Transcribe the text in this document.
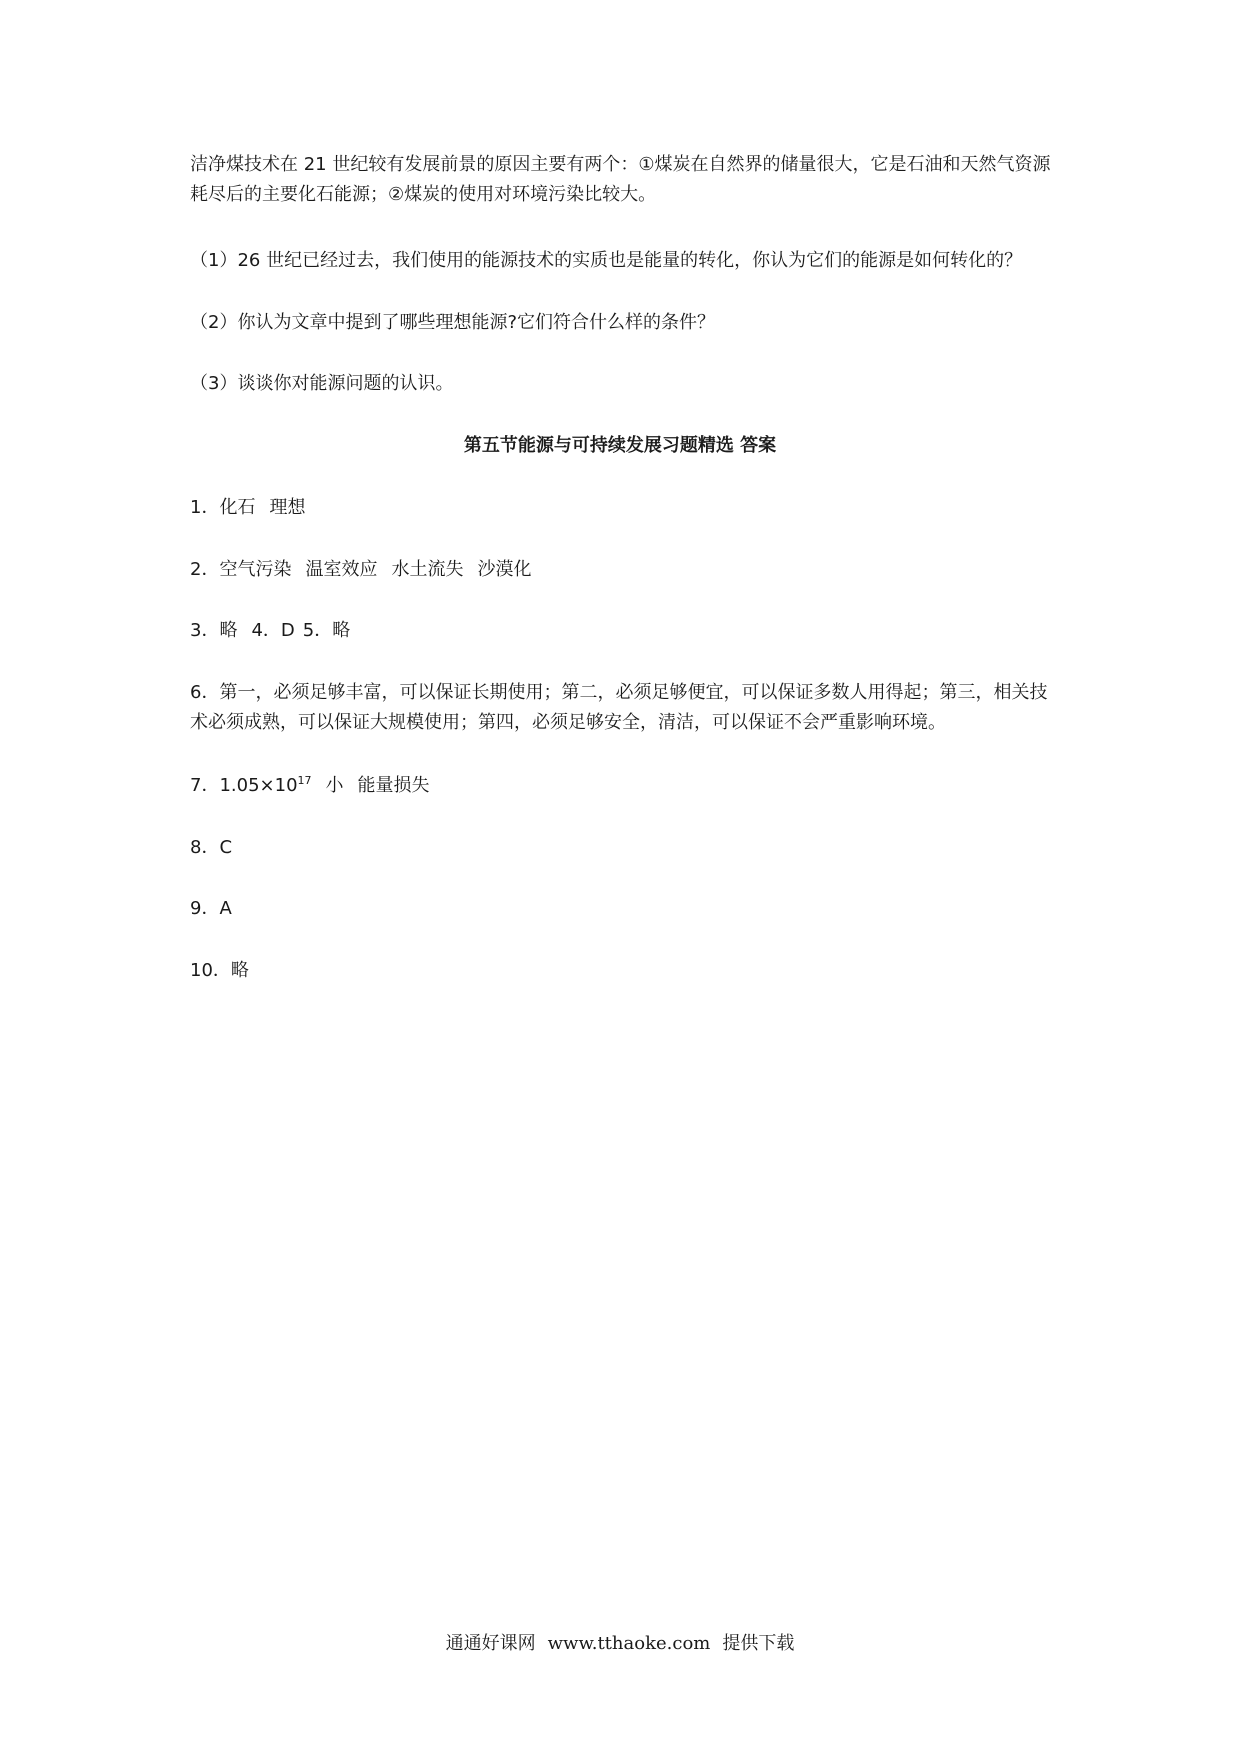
洁净煤技术在 21 世纪较有发展前景的原因主要有两个：①煤炭在自然界的储量很大，它是石油和天然气资源耗尽后的主要化石能源；②煤炭的使用对环境污染比较大。

（1）26 世纪已经过去，我们使用的能源技术的实质也是能量的转化，你认为它们的能源是如何转化的？

（2）你认为文章中提到了哪些理想能源?它们符合什么样的条件？

（3）谈谈你对能源问题的认识。

第五节能源与可持续发展习题精选 答案

1．化石 理想

2．空气污染 温室效应 水土流失 沙漠化

3．略 4．D 5．略

6．第一，必须足够丰富，可以保证长期使用；第二，必须足够便宜，可以保证多数人用得起；第三，相关技术必须成熟，可以保证大规模使用；第四，必须足够安全，清洁，可以保证不会严重影响环境。

7．$1.05\times 10^{17}$ 小 能量损失

8．C

9．A

10．略

通通好课网 www.tthaoke.com 提供下载
